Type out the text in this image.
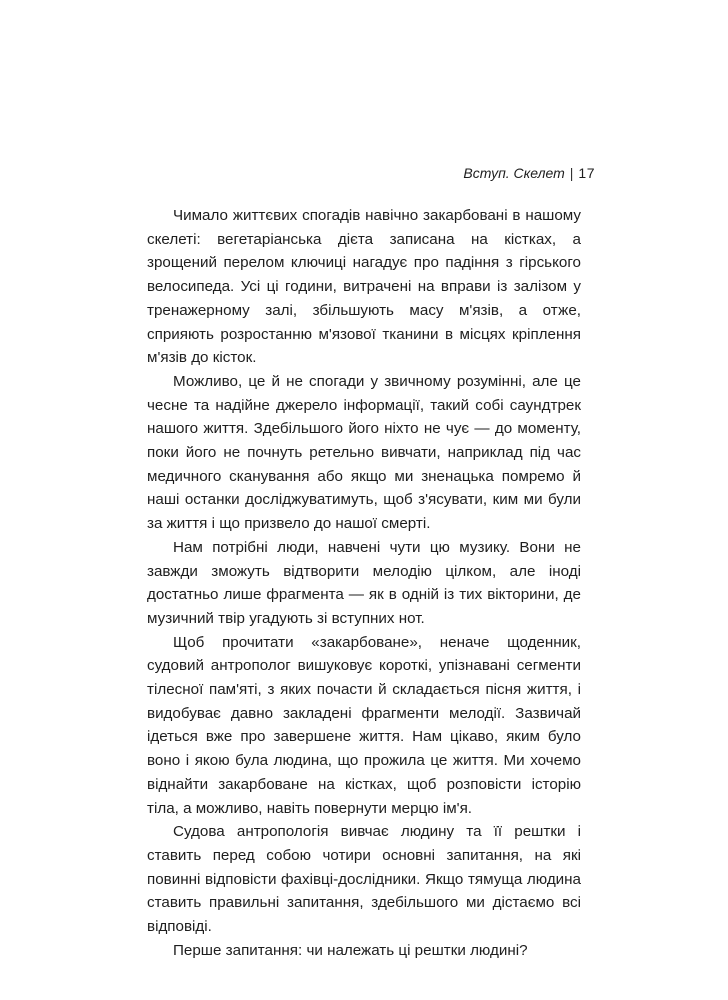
Вступ. Скелет | 17

Чимало життєвих спогадів навічно закарбовані в нашому скелеті: вегетаріанська дієта записана на кістках, а зрощений перелом ключиці нагадує про падіння з гірського велосипеда. Усі ці години, витрачені на вправи із залізом у тренажерному залі, збільшують масу м'язів, а отже, сприяють розростанню м'язової тканини в місцях кріплення м'язів до кісток.

Можливо, це й не спогади у звичному розумінні, але це чесне та надійне джерело інформації, такий собі саундтрек нашого життя. Здебільшого його ніхто не чує — до моменту, поки його не почнуть ретельно вивчати, наприклад під час медичного сканування або якщо ми зненацька помремо й наші останки досліджуватимуть, щоб з'ясувати, ким ми були за життя і що призвело до нашої смерті.

Нам потрібні люди, навчені чути цю музику. Вони не завжди зможуть відтворити мелодію цілком, але іноді достатньо лише фрагмента — як в одній із тих вікторини, де музичний твір угадують зі вступних нот.

Щоб прочитати «закарбоване», неначе щоденник, судовий антрополог вишуковує короткі, упізнавані сегменти тілесної пам'яті, з яких почасти й складається пісня життя, і видобуває давно закладені фрагменти мелодії. Зазвичай ідеться вже про завершене життя. Нам цікаво, яким було воно і якою була людина, що прожила це життя. Ми хочемо віднайти закарбоване на кістках, щоб розповісти історію тіла, а можливо, навіть повернути мерцю ім'я.

Судова антропологія вивчає людину та її рештки і ставить перед собою чотири основні запитання, на які повинні відповісти фахівці-дослідники. Якщо тямуща людина ставить правильні запитання, здебільшого ми дістаємо всі відповіді.

Перше запитання: чи належать ці рештки людині?
